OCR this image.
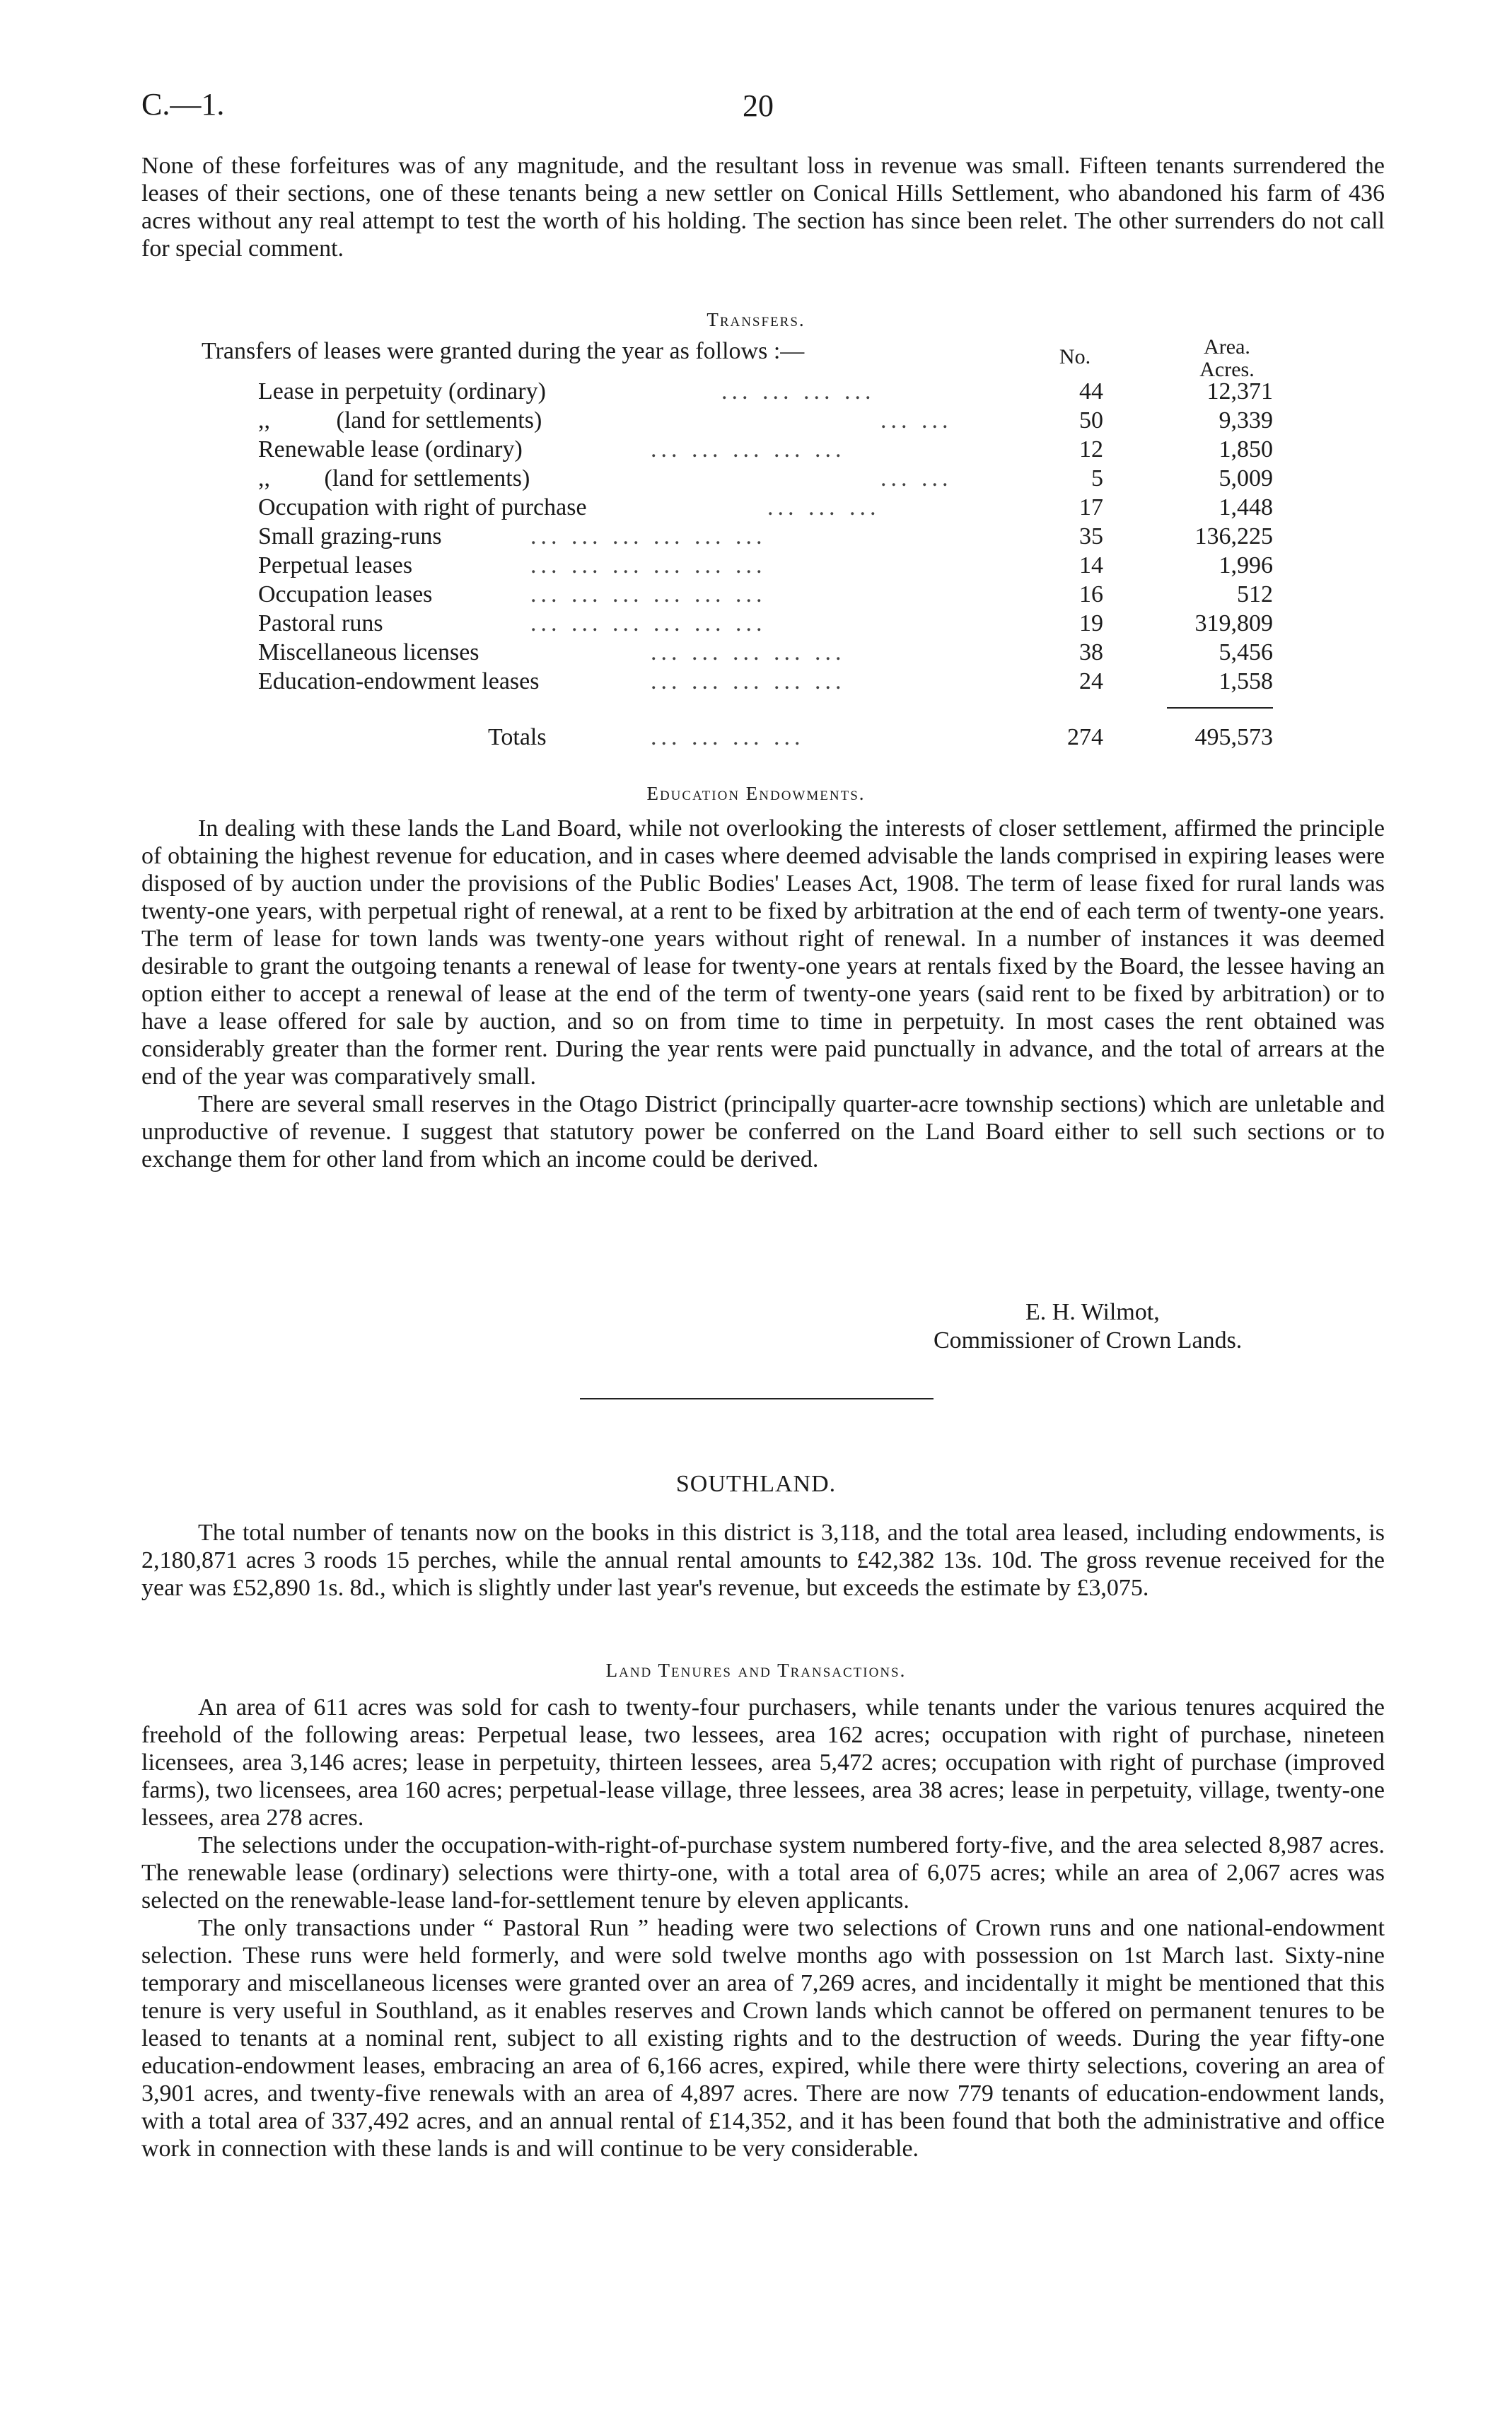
C.—1.	20

None of these forfeitures was of any magnitude, and the resultant loss in revenue was small. Fifteen tenants surrendered the leases of their sections, one of these tenants being a new settler on Conical Hills Settlement, who abandoned his farm of 436 acres without any real attempt to test the worth of his holding. The section has since been relet. The other surrenders do not call for special comment.

Transfers.
Transfers of leases were granted during the year as follows :—	No.	Area.
Acres.
Lease in perpetuity (ordinary)	... ... ... ...	44	12,371
,,           (land for settlements)	... ...	50	9,339
Renewable lease (ordinary)	... ... ... ... ...	12	1,850
,,         (land for settlements)	... ...	5	5,009
Occupation with right of purchase	... ... ...	17	1,448
Small grazing-runs	... ... ... ... ... ...	35	136,225
Perpetual leases	... ... ... ... ... ...	14	1,996
Occupation leases	... ... ... ... ... ...	16	512
Pastoral runs	... ... ... ... ... ...	19	319,809
Miscellaneous licenses	... ... ... ... ...	38	5,456
Education-endowment leases	... ... ... ... ...	24	1,558
Totals	... ... ... ...	274	495,573
Education Endowments.

In dealing with these lands the Land Board, while not overlooking the interests of closer settlement, affirmed the principle of obtaining the highest revenue for education, and in cases where deemed advisable the lands comprised in expiring leases were disposed of by auction under the provisions of the Public Bodies' Leases Act, 1908. The term of lease fixed for rural lands was twenty-one years, with perpetual right of renewal, at a rent to be fixed by arbitration at the end of each term of twenty-one years. The term of lease for town lands was twenty-one years without right of renewal. In a number of instances it was deemed desirable to grant the outgoing tenants a renewal of lease for twenty-one years at rentals fixed by the Board, the lessee having an option either to accept a renewal of lease at the end of the term of twenty-one years (said rent to be fixed by arbitration) or to have a lease offered for sale by auction, and so on from time to time in perpetuity. In most cases the rent obtained was considerably greater than the former rent. During the year rents were paid punctually in advance, and the total of arrears at the end of the year was comparatively small.

There are several small reserves in the Otago District (principally quarter-acre township sections) which are unletable and unproductive of revenue. I suggest that statutory power be conferred on the Land Board either to sell such sections or to exchange them for other land from which an income could be derived.

E. H. Wilmot,
Commissioner of Crown Lands.
SOUTHLAND.

The total number of tenants now on the books in this district is 3,118, and the total area leased, including endowments, is 2,180,871 acres 3 roods 15 perches, while the annual rental amounts to £42,382 13s. 10d. The gross revenue received for the year was £52,890 1s. 8d., which is slightly under last year's revenue, but exceeds the estimate by £3,075.

Land Tenures and Transactions.

An area of 611 acres was sold for cash to twenty-four purchasers, while tenants under the various tenures acquired the freehold of the following areas: Perpetual lease, two lessees, area 162 acres; occupation with right of purchase, nineteen licensees, area 3,146 acres; lease in perpetuity, thirteen lessees, area 5,472 acres; occupation with right of purchase (improved farms), two licensees, area 160 acres; perpetual-lease village, three lessees, area 38 acres; lease in perpetuity, village, twenty-one lessees, area 278 acres.

The selections under the occupation-with-right-of-purchase system numbered forty-five, and the area selected 8,987 acres. The renewable lease (ordinary) selections were thirty-one, with a total area of 6,075 acres; while an area of 2,067 acres was selected on the renewable-lease land-for-settlement tenure by eleven applicants.

The only transactions under “ Pastoral Run ” heading were two selections of Crown runs and one national-endowment selection. These runs were held formerly, and were sold twelve months ago with possession on 1st March last. Sixty-nine temporary and miscellaneous licenses were granted over an area of 7,269 acres, and incidentally it might be mentioned that this tenure is very useful in Southland, as it enables reserves and Crown lands which cannot be offered on permanent tenures to be leased to tenants at a nominal rent, subject to all existing rights and to the destruction of weeds. During the year fifty-one education-endowment leases, embracing an area of 6,166 acres, expired, while there were thirty selections, covering an area of 3,901 acres, and twenty-five renewals with an area of 4,897 acres. There are now 779 tenants of education-endowment lands, with a total area of 337,492 acres, and an annual rental of £14,352, and it has been found that both the administrative and office work in connection with these lands is and will continue to be very considerable.
